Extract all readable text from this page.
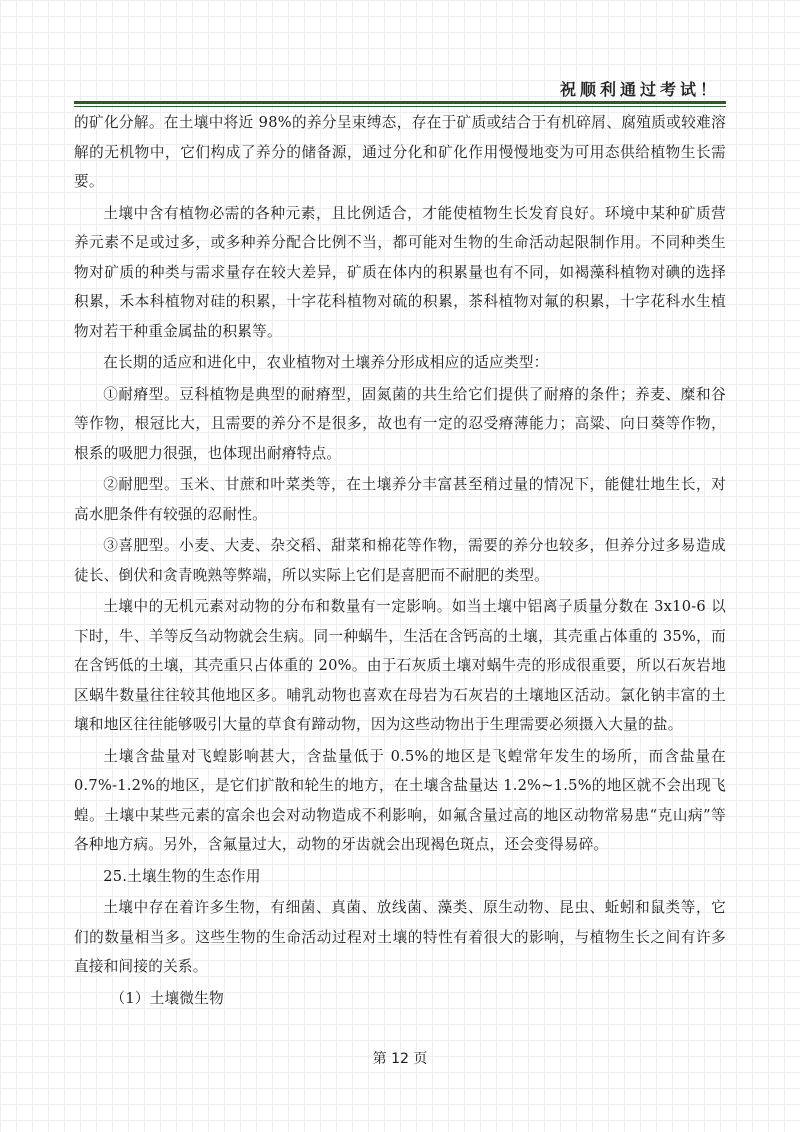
祝顺利通过考试！

的矿化分解。在土壤中将近 98%的养分呈束缚态，存在于矿质或结合于有机碎屑、腐殖质或较难溶解的无机物中，它们构成了养分的储备源，通过分化和矿化作用慢慢地变为可用态供给植物生长需要。

土壤中含有植物必需的各种元素，且比例适合，才能使植物生长发育良好。环境中某种矿质营养元素不足或过多，或多种养分配合比例不当，都可能对生物的生命活动起限制作用。不同种类生物对矿质的种类与需求量存在较大差异，矿质在体内的积累量也有不同，如褐藻科植物对碘的选择积累，禾本科植物对硅的积累，十字花科植物对硫的积累，茶科植物对氟的积累，十字花科水生植物对若干种重金属盐的积累等。

在长期的适应和进化中，农业植物对土壤养分形成相应的适应类型：

①耐瘠型。豆科植物是典型的耐瘠型，固氮菌的共生给它们提供了耐瘠的条件；养麦、糜和谷等作物，根冠比大，且需要的养分不是很多，故也有一定的忍受瘠薄能力；高粱、向日葵等作物，根系的吸肥力很强，也体现出耐瘠特点。

②耐肥型。玉米、甘蔗和叶菜类等，在土壤养分丰富甚至稍过量的情况下，能健壮地生长，对高水肥条件有较强的忍耐性。

③喜肥型。小麦、大麦、杂交稻、甜菜和棉花等作物，需要的养分也较多，但养分过多易造成徒长、倒伏和贪青晚熟等弊端，所以实际上它们是喜肥而不耐肥的类型。

土壤中的无机元素对动物的分布和数量有一定影响。如当土壤中铝离子质量分数在 3x10-6 以下时，牛、羊等反刍动物就会生病。同一种蜗牛，生活在含钙高的土壤，其壳重占体重的 35%，而在含钙低的土壤，其壳重只占体重的 20%。由于石灰质土壤对蜗牛壳的形成很重要，所以石灰岩地区蜗牛数量往往较其他地区多。哺乳动物也喜欢在母岩为石灰岩的土壤地区活动。氯化钠丰富的土壤和地区往往能够吸引大量的草食有蹄动物，因为这些动物出于生理需要必须摄入大量的盐。

土壤含盐量对飞蝗影响甚大，含盐量低于 0.5%的地区是飞蝗常年发生的场所，而含盐量在 0.7%-1.2%的地区，是它们扩散和轮生的地方，在土壤含盐量达 1.2%~1.5%的地区就不会出现飞蝗。土壤中某些元素的富余也会对动物造成不利影响，如氟含量过高的地区动物常易患“克山病”等各种地方病。另外，含氟量过大，动物的牙齿就会出现褐色斑点，还会变得易碎。

25.土壤生物的生态作用

土壤中存在着许多生物，有细菌、真菌、放线菌、藻类、原生动物、昆虫、蚯蚓和鼠类等，它们的数量相当多。这些生物的生命活动过程对土壤的特性有着很大的影响，与植物生长之间有许多直接和间接的关系。

（1）土壤微生物

第 12 页
